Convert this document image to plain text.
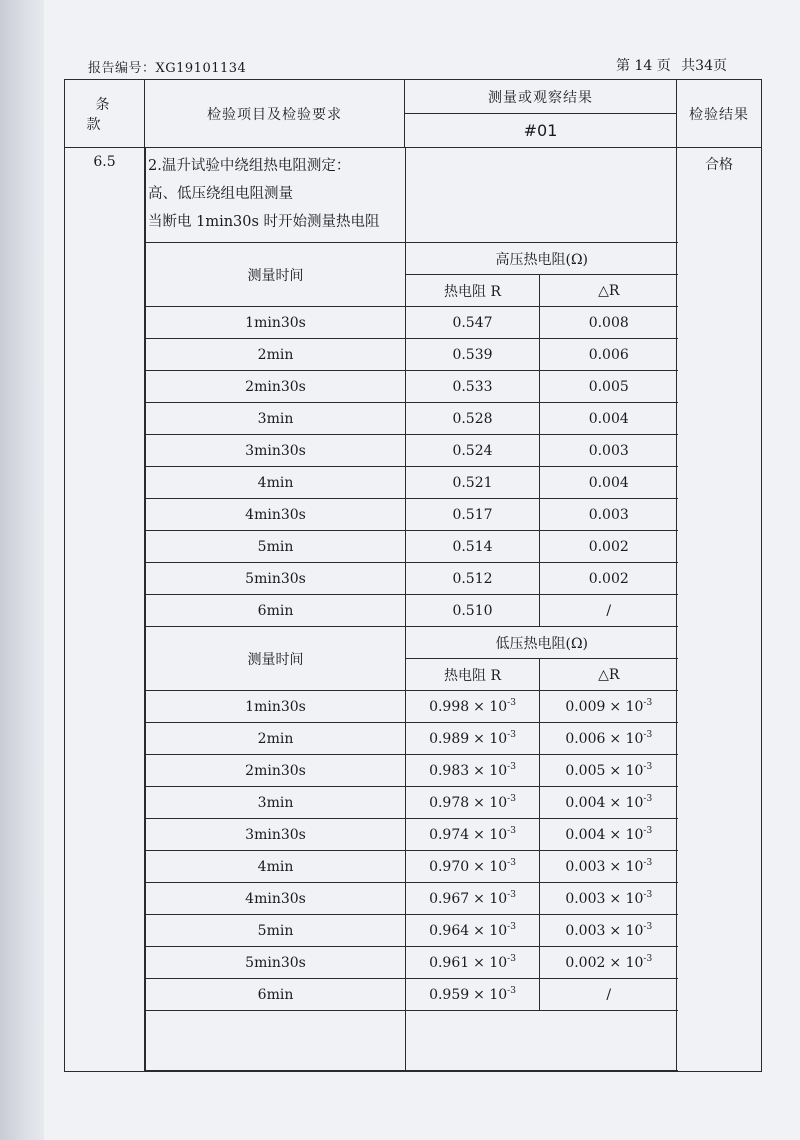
报告编号：XG19101134	第 14 页 共34页
条款	检验项目及检验要求	测量或观察结果	检验结果
#01
6.5	2.温升试验中绕组热电阻测定：
高、低压绕组电阻测量
当断电 1min30s 时开始测量热电阻

测量时间	高压热电阻(Ω)
热电阻 R	△R
1min30s	0.547	0.008
2min	0.539	0.006
2min30s	0.533	0.005
3min	0.528	0.004
3min30s	0.524	0.003
4min	0.521	0.004
4min30s	0.517	0.003
5min	0.514	0.002
5min30s	0.512	0.002
6min	0.510	/
测量时间	低压热电阻(Ω)
热电阻 R	△R
1min30s	$0.998 \times 10^{-3}$	$0.009 \times 10^{-3}$
2min	$0.989 \times 10^{-3}$	$0.006 \times 10^{-3}$
2min30s	$0.983 \times 10^{-3}$	$0.005 \times 10^{-3}$
3min	$0.978 \times 10^{-3}$	$0.004 \times 10^{-3}$
3min30s	$0.974 \times 10^{-3}$	$0.004 \times 10^{-3}$
4min	$0.970 \times 10^{-3}$	$0.003 \times 10^{-3}$
4min30s	$0.967 \times 10^{-3}$	$0.003 \times 10^{-3}$
5min	$0.964 \times 10^{-3}$	$0.003 \times 10^{-3}$
5min30s	$0.961 \times 10^{-3}$	$0.002 \times 10^{-3}$
6min	$0.959 \times 10^{-3}$	/

	合格
